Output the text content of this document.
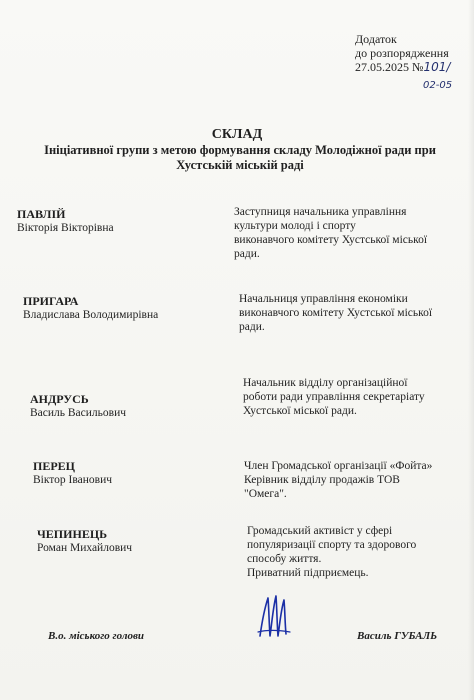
Додаток
до розпорядження
27.05.2025 №101/
02-05
СКЛАД
Ініціативної групи з метою формування складу Молодіжної ради при
Хустській міській раді
ПАВЛІЙ
Вікторія Вікторівна
Заступниця начальника управління
культури молоді і спорту
виконавчого комітету Хустської міської
ради.
ПРИГАРА
Владислава Володимирівна
Начальниця управління економіки
виконавчого комітету Хустської міської
ради.
АНДРУСЬ
Василь Васильович
Начальник відділу організаційної
роботи ради управління секретаріату
Хустської міської ради.
ПЕРЕЦ
Віктор Іванович
Член Громадської організації «Фойта»
Керівник відділу продажів ТОВ
"Омега".
ЧЕПИНЕЦЬ
Роман Михайлович
Громадський активіст у сфері
популяризації спорту та здорового
способу життя.
Приватний підприємець.
В.о. міського голови	Василь ГУБАЛЬ
